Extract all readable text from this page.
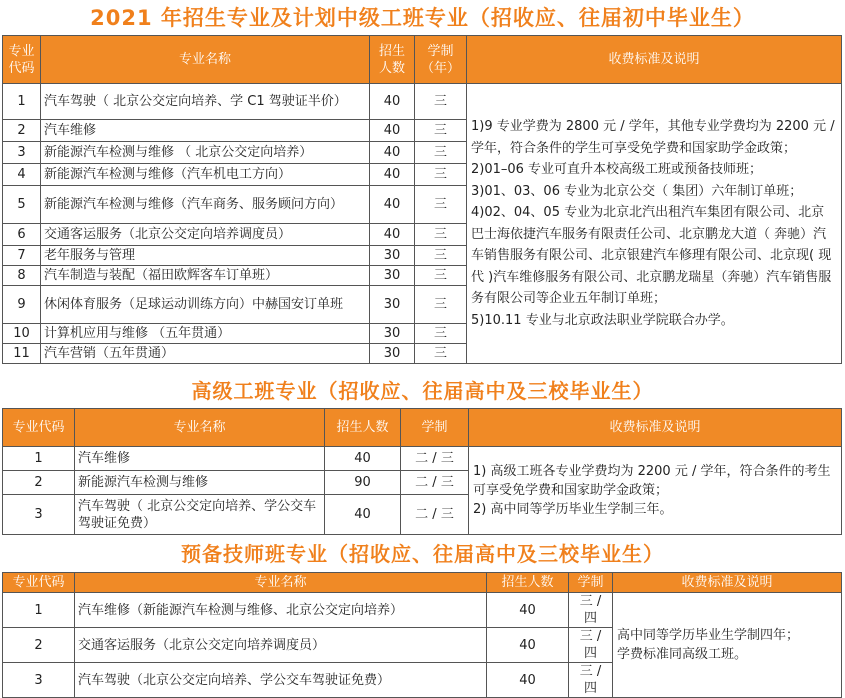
2021 年招生专业及计划中级工班专业（招收应、往届初中毕业生）
专业代码	专业名称	招生人数	学制（年）	收费标准及说明
1	汽车驾驶（ 北京公交定向培养、学 C1 驾驶证半价）	40	三	1)9 专业学费为 2800 元 / 学年，其他专业学费均为 2200 元 / 学年，符合条件的学生可享受免学费和国家助学金政策；
2)01–06 专业可直升本校高级工班或预备技师班；
3)01、03、06 专业为北京公交（ 集团）六年制订单班；
4)02、04、05 专业为北京北汽出租汽车集团有限公司、北京巴士海依捷汽车服务有限责任公司、北京鹏龙大道（ 奔驰）汽车销售服务有限公司、北京银建汽车修理有限公司、北京现( 现代 )汽车维修服务有限公司、北京鹏龙瑞星（奔驰）汽车销售服务有限公司等企业五年制订单班；
5)10.11 专业与北京政法职业学院联合办学。

2	汽车维修	40	三	
3	新能源汽车检测与维修 （ 北京公交定向培养）	40	三	
4	新能源汽车检测与维修（汽车机电工方向）	40	三	
5	新能源汽车检测与维修（汽车商务、服务顾问方向）	40	三	
6	交通客运服务（北京公交定向培养调度员）	40	三	
7	老年服务与管理	30	三	
8	汽车制造与装配（福田欧辉客车订单班）	30	三	
9	休闲体育服务（足球运动训练方向）中赫国安订单班	30	三	
10	计算机应用与维修 （五年贯通）	30	三	
11	汽车营销（五年贯通）	30	三	
高级工班专业（招收应、往届高中及三校毕业生）
专业代码	专业名称	招生人数	学制	收费标准及说明
1	汽车维修	40	二 / 三	1) 高级工班各专业学费均为 2200 元 / 学年，符合条件的考生可享受免学费和国家助学金政策；
2) 高中同等学历毕业生学制三年。

2	新能源汽车检测与维修	90	二 / 三	
3	汽车驾驶（ 北京公交定向培养、学公交车驾驶证免费）	40	二 / 三	
预备技师班专业（招收应、往届高中及三校毕业生）
专业代码	专业名称	招生人数	学制	收费标准及说明
1	汽车维修（新能源汽车检测与维修、北京公交定向培养）	40	三 / 四	高中同等学历毕业生学制四年；
学费标准同高级工班。

2	交通客运服务（北京公交定向培养调度员）	40	三 / 四	
3	汽车驾驶（北京公交定向培养、学公交车驾驶证免费）	40	三 / 四	
